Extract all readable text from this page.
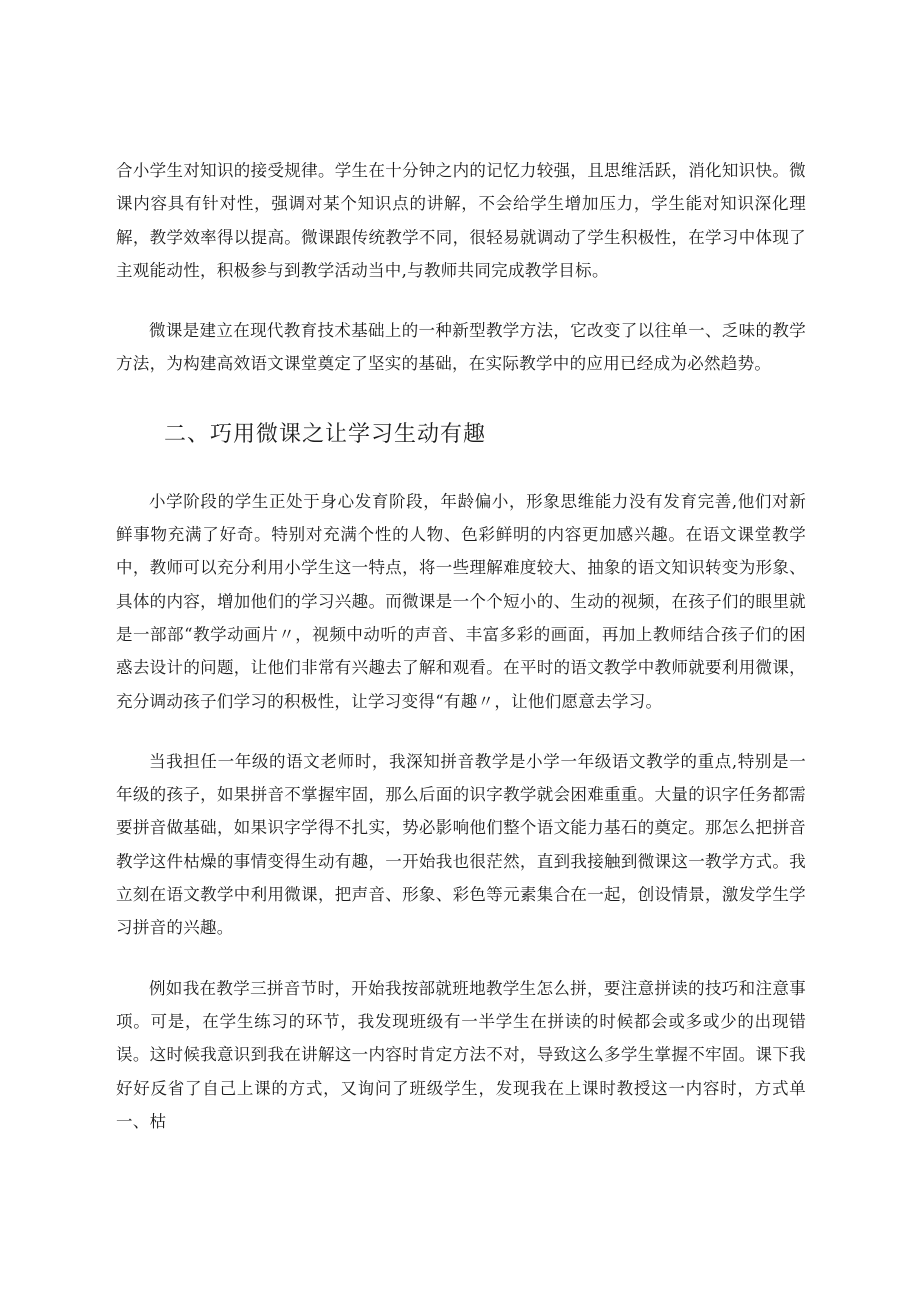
合小学生对知识的接受规律。学生在十分钟之内的记忆力较强，且思维活跃，消化知识快。微课内容具有针对性，强调对某个知识点的讲解，不会给学生增加压力，学生能对知识深化理解，教学效率得以提高。微课跟传统教学不同，很轻易就调动了学生积极性，在学习中体现了主观能动性，积极参与到教学活动当中,与教师共同完成教学目标。

微课是建立在现代教育技术基础上的一种新型教学方法，它改变了以往单一、乏味的教学方法，为构建高效语文课堂奠定了坚实的基础，在实际教学中的应用已经成为必然趋势。

二、巧用微课之让学习生动有趣

小学阶段的学生正处于身心发育阶段，年龄偏小，形象思维能力没有发育完善,他们对新鲜事物充满了好奇。特别对充满个性的人物、色彩鲜明的内容更加感兴趣。在语文课堂教学中，教师可以充分利用小学生这一特点，将一些理解难度较大、抽象的语文知识转变为形象、具体的内容，增加他们的学习兴趣。而微课是一个个短小的、生动的视频，在孩子们的眼里就是一部部“教学动画片〃，视频中动听的声音、丰富多彩的画面，再加上教师结合孩子们的困惑去设计的问题，让他们非常有兴趣去了解和观看。在平时的语文教学中教师就要利用微课，充分调动孩子们学习的积极性，让学习变得“有趣〃，让他们愿意去学习。

当我担任一年级的语文老师时，我深知拼音教学是小学一年级语文教学的重点,特别是一年级的孩子，如果拼音不掌握牢固，那么后面的识字教学就会困难重重。大量的识字任务都需要拼音做基础，如果识字学得不扎实，势必影响他们整个语文能力基石的奠定。那怎么把拼音教学这件枯燥的事情变得生动有趣，一开始我也很茫然，直到我接触到微课这一教学方式。我立刻在语文教学中利用微课，把声音、形象、彩色等元素集合在一起，创设情景，激发学生学习拼音的兴趣。

例如我在教学三拼音节时，开始我按部就班地教学生怎么拼，要注意拼读的技巧和注意事项。可是，在学生练习的环节，我发现班级有一半学生在拼读的时候都会或多或少的出现错误。这时候我意识到我在讲解这一内容时肯定方法不对，导致这么多学生掌握不牢固。课下我好好反省了自己上课的方式，又询问了班级学生，发现我在上课时教授这一内容时，方式单一、枯
